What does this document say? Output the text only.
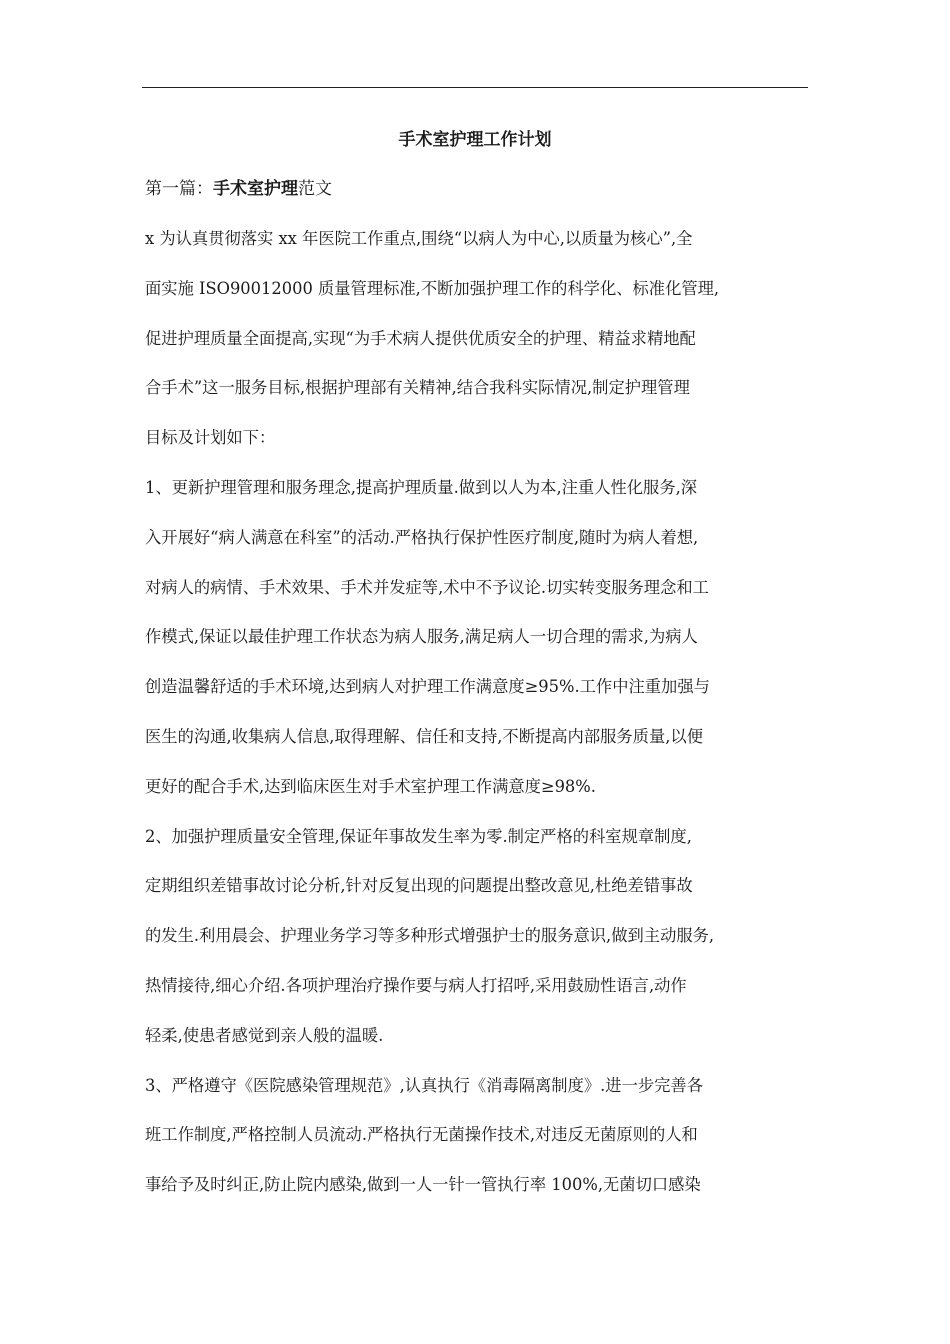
手术室护理工作计划
第一篇：手术室护理范文
x 为认真贯彻落实 xx 年医院工作重点,围绕“以病人为中心,以质量为核心”,全
面实施 ISO90012000 质量管理标准,不断加强护理工作的科学化、标准化管理,
促进护理质量全面提高,实现“为手术病人提供优质安全的护理、精益求精地配
合手术”这一服务目标,根据护理部有关精神,结合我科实际情况,制定护理管理
目标及计划如下：
1、更新护理管理和服务理念,提高护理质量.做到以人为本,注重人性化服务,深
入开展好“病人满意在科室”的活动.严格执行保护性医疗制度,随时为病人着想,
对病人的病情、手术效果、手术并发症等,术中不予议论.切实转变服务理念和工
作模式,保证以最佳护理工作状态为病人服务,满足病人一切合理的需求,为病人
创造温馨舒适的手术环境,达到病人对护理工作满意度≥95%.工作中注重加强与
医生的沟通,收集病人信息,取得理解、信任和支持,不断提高内部服务质量,以便
更好的配合手术,达到临床医生对手术室护理工作满意度≥98%.
2、加强护理质量安全管理,保证年事故发生率为零.制定严格的科室规章制度,
定期组织差错事故讨论分析,针对反复出现的问题提出整改意见,杜绝差错事故
的发生.利用晨会、护理业务学习等多种形式增强护士的服务意识,做到主动服务,
热情接待,细心介绍.各项护理治疗操作要与病人打招呼,采用鼓励性语言,动作
轻柔,使患者感觉到亲人般的温暖.
3、严格遵守《医院感染管理规范》,认真执行《消毒隔离制度》.进一步完善各
班工作制度,严格控制人员流动.严格执行无菌操作技术,对违反无菌原则的人和
事给予及时纠正,防止院内感染,做到一人一针一管执行率 100%,无菌切口感染
